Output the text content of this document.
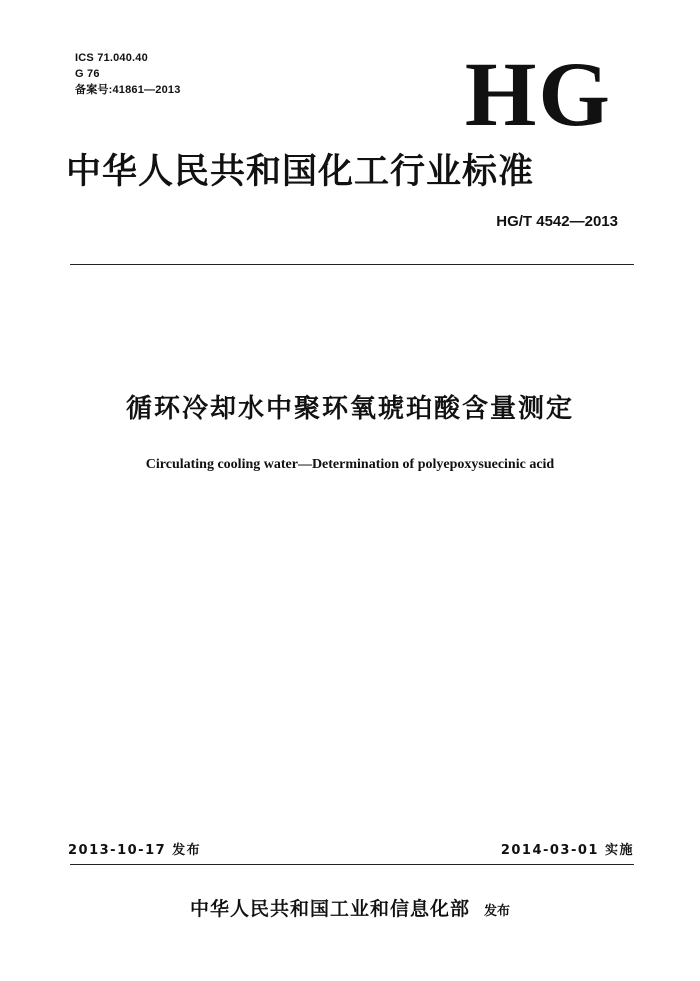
ICS 71.040.40
G 76
备案号:41861—2013	HG
中华人民共和国化工行业标准
HG/T 4542—2013
循环冷却水中聚环氧琥珀酸含量测定
Circulating cooling water—Determination of polyepoxysuecinic acid
2013-10-17 发布	2014-03-01 实施
中华人民共和国工业和信息化部 发布
